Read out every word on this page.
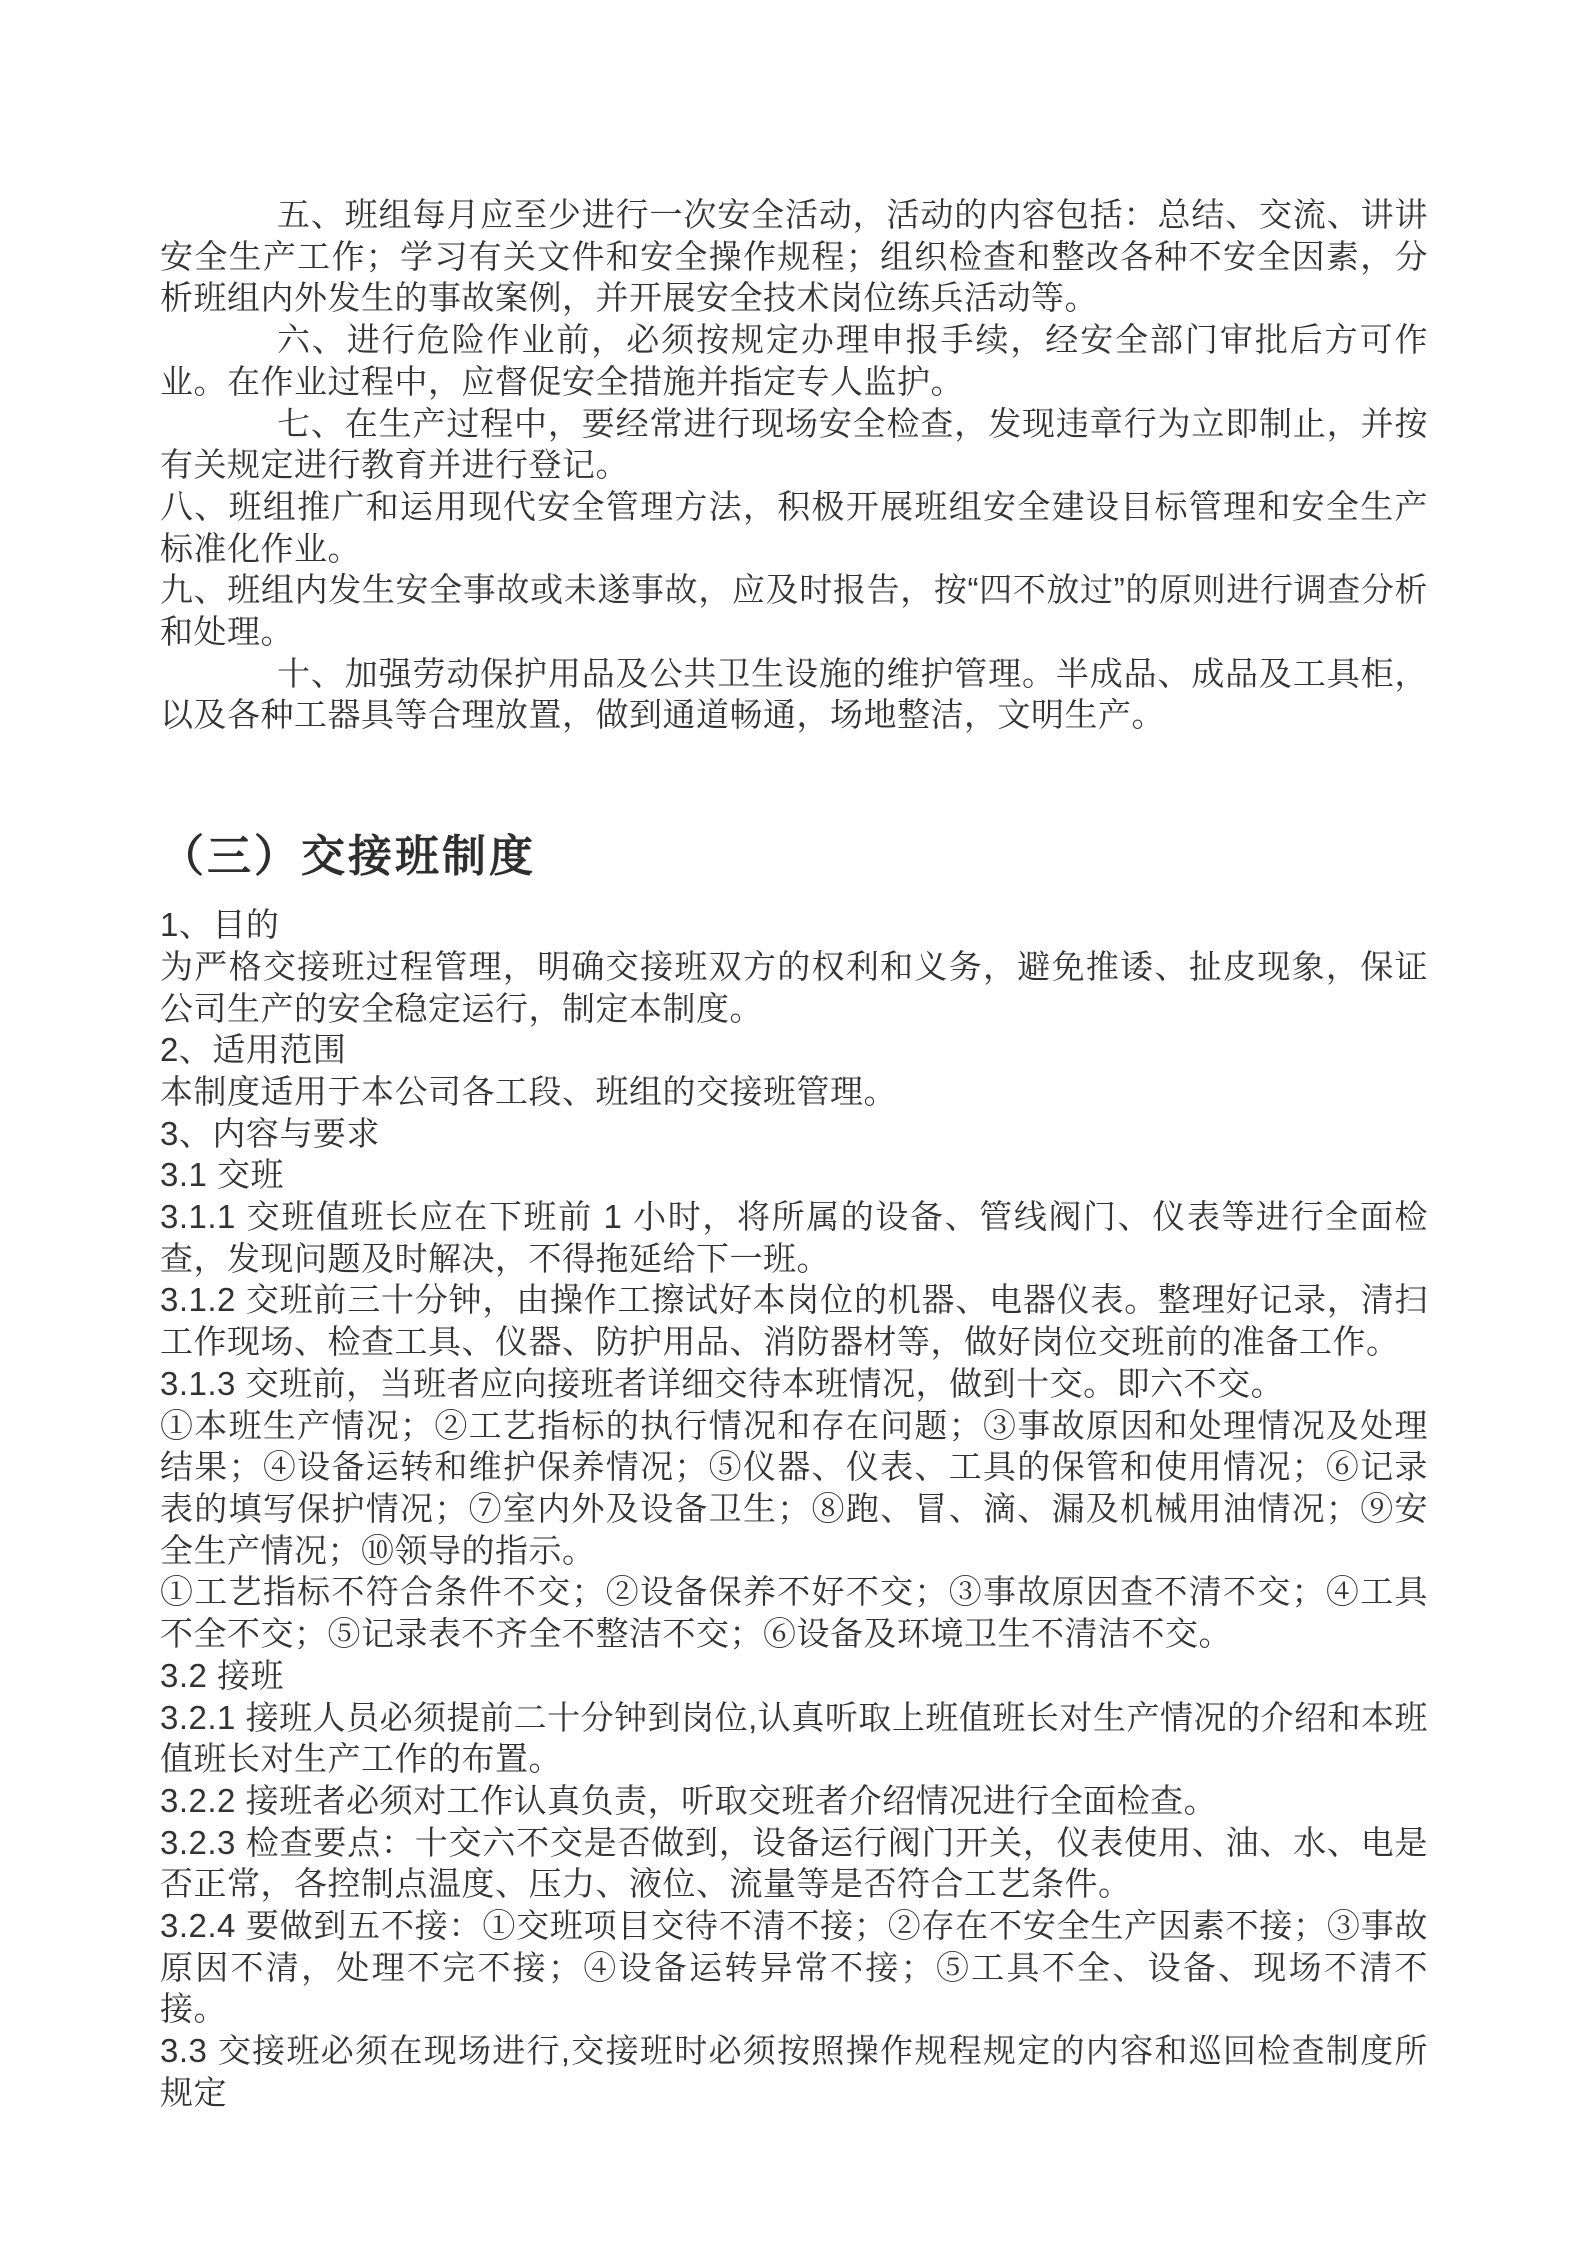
五、班组每月应至少进行一次安全活动，活动的内容包括：总结、交流、讲讲安全生产工作；学习有关文件和安全操作规程；组织检查和整改各种不安全因素，分析班组内外发生的事故案例，并开展安全技术岗位练兵活动等。

六、进行危险作业前，必须按规定办理申报手续，经安全部门审批后方可作业。在作业过程中，应督促安全措施并指定专人监护。

七、在生产过程中，要经常进行现场安全检查，发现违章行为立即制止，并按有关规定进行教育并进行登记。

八、班组推广和运用现代安全管理方法，积极开展班组安全建设目标管理和安全生产标准化作业。

九、班组内发生安全事故或未遂事故，应及时报告，按“四不放过”的原则进行调查分析和处理。

十、加强劳动保护用品及公共卫生设施的维护管理。半成品、成品及工具柜，以及各种工器具等合理放置，做到通道畅通，场地整洁，文明生产。

（三）交接班制度

1、目的

为严格交接班过程管理，明确交接班双方的权利和义务，避免推诿、扯皮现象，保证公司生产的安全稳定运行，制定本制度。

2、适用范围

本制度适用于本公司各工段、班组的交接班管理。

3、内容与要求

3.1 交班

3.1.1 交班值班长应在下班前 1 小时，将所属的设备、管线阀门、仪表等进行全面检查，发现问题及时解决，不得拖延给下一班。

3.1.2 交班前三十分钟，由操作工擦试好本岗位的机器、电器仪表。整理好记录，清扫工作现场、检查工具、仪器、防护用品、消防器材等，做好岗位交班前的准备工作。

3.1.3 交班前，当班者应向接班者详细交待本班情况，做到十交。即六不交。

①本班生产情况；②工艺指标的执行情况和存在问题；③事故原因和处理情况及处理结果；④设备运转和维护保养情况；⑤仪器、仪表、工具的保管和使用情况；⑥记录表的填写保护情况；⑦室内外及设备卫生；⑧跑、冒、滴、漏及机械用油情况；⑨安全生产情况；⑩领导的指示。

①工艺指标不符合条件不交；②设备保养不好不交；③事故原因查不清不交；④工具不全不交；⑤记录表不齐全不整洁不交；⑥设备及环境卫生不清洁不交。

3.2 接班

3.2.1 接班人员必须提前二十分钟到岗位,认真听取上班值班长对生产情况的介绍和本班值班长对生产工作的布置。

3.2.2 接班者必须对工作认真负责，听取交班者介绍情况进行全面检查。

3.2.3 检查要点：十交六不交是否做到，设备运行阀门开关，仪表使用、油、水、电是否正常，各控制点温度、压力、液位、流量等是否符合工艺条件。

3.2.4 要做到五不接：①交班项目交待不清不接；②存在不安全生产因素不接；③事故原因不清，处理不完不接；④设备运转异常不接；⑤工具不全、设备、现场不清不接。

3.3 交接班必须在现场进行,交接班时必须按照操作规程规定的内容和巡回检查制度所规定
